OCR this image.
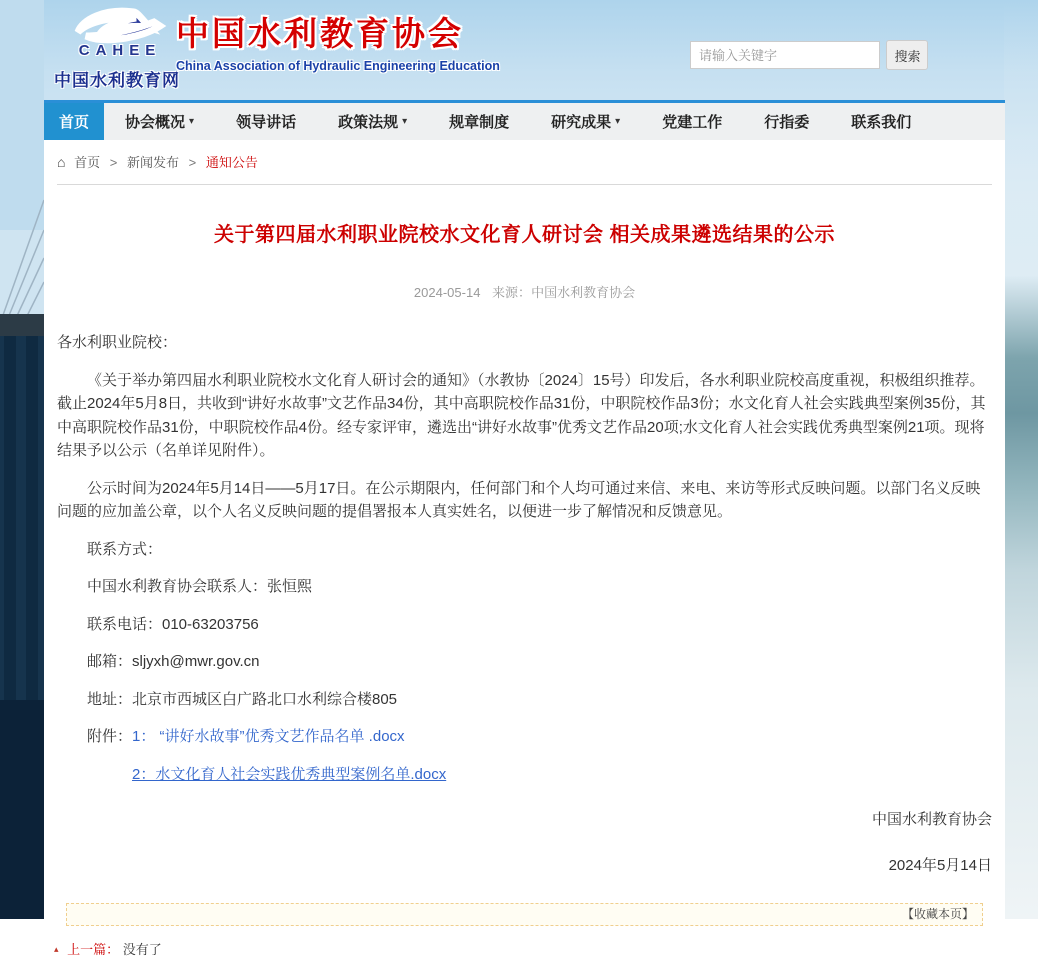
CAHEE
中国水利教育网
中国水利教育协会
China Association of Hydraulic Engineering Education
请输入关键字 搜索
首页 协会概况 ▾	领导讲话	政策法规 ▾	规章制度	研究成果 ▾	党建工作	行指委	联系我们
⌂ 首页 > 新闻发布 > 通知公告
关于第四届水利职业院校水文化育人研讨会 相关成果遴选结果的公示
2024-05-14 来源：中国水利教育协会

各水利职业院校：

《关于举办第四届水利职业院校水文化育人研讨会的通知》（水教协〔2024〕15号）印发后，各水利职业院校高度重视，积极组织推荐。截止2024年5月8日，共收到“讲好水故事”文艺作品34份，其中高职院校作品31份，中职院校作品3份；水文化育人社会实践典型案例35份，其中高职院校作品31份，中职院校作品4份。经专家评审，遴选出“讲好水故事”优秀文艺作品20项;水文化育人社会实践优秀典型案例21项。现将结果予以公示（名单详见附件）。

公示时间为2024年5月14日——5月17日。在公示期限内，任何部门和个人均可通过来信、来电、来访等形式反映问题。以部门名义反映问题的应加盖公章，以个人名义反映问题的提倡署报本人真实姓名，以便进一步了解情况和反馈意见。

联系方式：

中国水利教育协会联系人：张恒熙

联系电话：010-63203756

邮箱：sljyxh@mwr.gov.cn

地址：北京市西城区白广路北口水利综合楼805

附件：1： “讲好水故事”优秀文艺作品名单 .docx

2：水文化育人社会实践优秀典型案例名单.docx

中国水利教育协会

2024年5月14日

【收藏本页】
▴ 上一篇： 没有了
